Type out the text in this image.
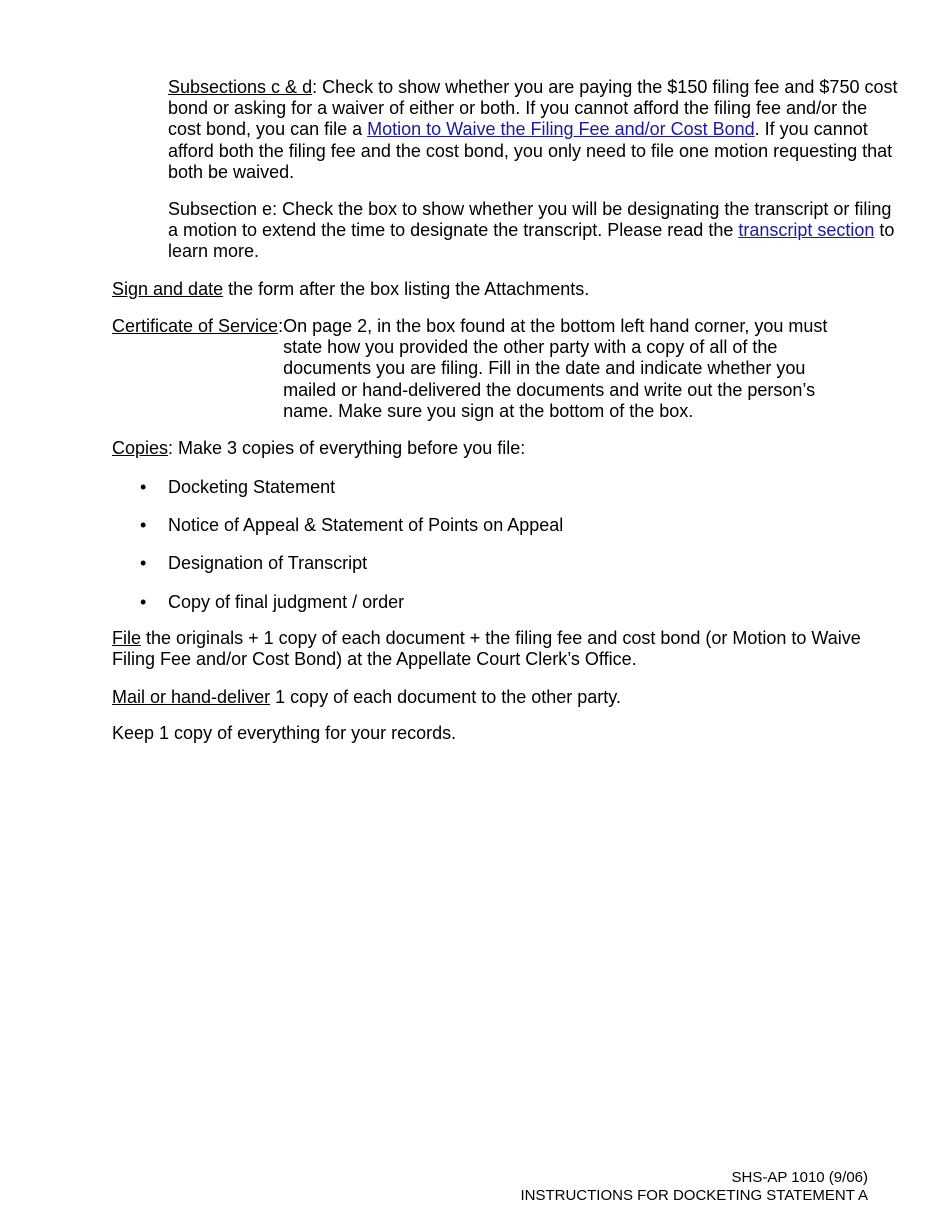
Subsections c & d: Check to show whether you are paying the $150 filing fee and $750 cost bond or asking for a waiver of either or both. If you cannot afford the filing fee and/or the cost bond, you can file a Motion to Waive the Filing Fee and/or Cost Bond. If you cannot afford both the filing fee and the cost bond, you only need to file one motion requesting that both be waived.

Subsection e: Check the box to show whether you will be designating the transcript or filing a motion to extend the time to designate the transcript. Please read the transcript section to learn more.

Sign and date the form after the box listing the Attachments.

Certificate of Service: On page 2, in the box found at the bottom left hand corner, you must state how you provided the other party with a copy of all of the documents you are filing. Fill in the date and indicate whether you mailed or hand-delivered the documents and write out the person’s name. Make sure you sign at the bottom of the box.

Copies: Make 3 copies of everything before you file:

• Docketing Statement
• Notice of Appeal & Statement of Points on Appeal
• Designation of Transcript
• Copy of final judgment / order

File the originals + 1 copy of each document + the filing fee and cost bond (or Motion to Waive Filing Fee and/or Cost Bond) at the Appellate Court Clerk’s Office.

Mail or hand-deliver 1 copy of each document to the other party.

Keep 1 copy of everything for your records.

SHS-AP 1010 (9/06)
INSTRUCTIONS FOR DOCKETING STATEMENT A
